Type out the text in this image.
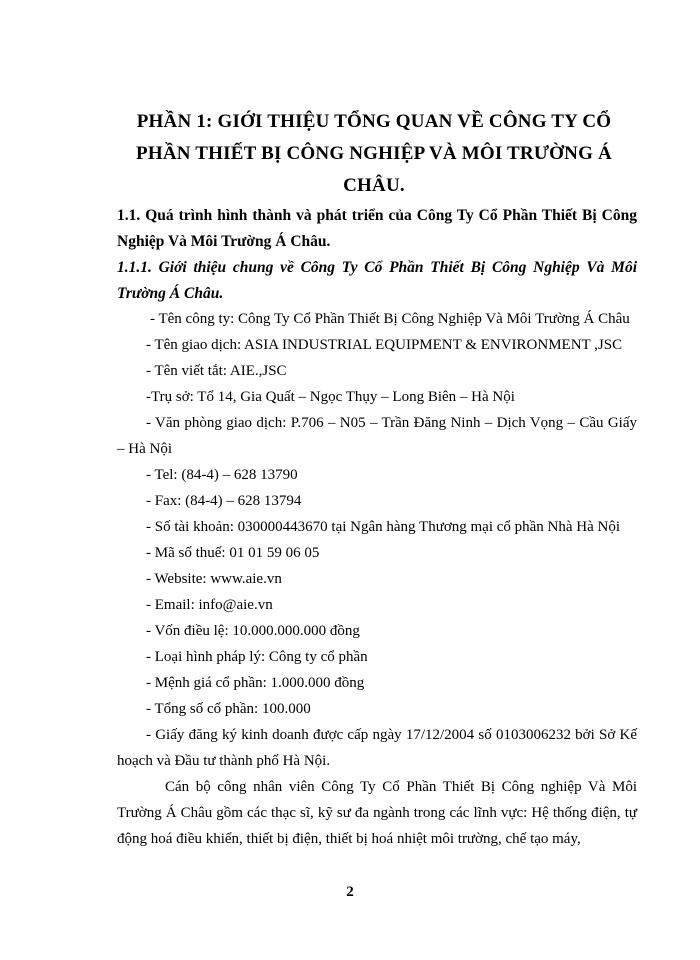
PHẦN 1: GIỚI THIỆU TỔNG QUAN VỀ CÔNG TY CỔ
PHẦN THIẾT BỊ CÔNG NGHIỆP VÀ MÔI TRƯỜNG Á
CHÂU.
1.1. Quá trình hình thành và phát triển của Công Ty Cổ Phần Thiết Bị Công Nghiệp Và Môi Trường Á Châu.
1.1.1. Giới thiệu chung về Công Ty Cổ Phần Thiết Bị Công Nghiệp Và Môi Trường Á Châu.
- Tên công ty: Công Ty Cổ Phần Thiết Bị Công Nghiệp Và Môi Trường Á Châu
- Tên giao dịch: ASIA INDUSTRIAL EQUIPMENT & ENVIRONMENT ,JSC
- Tên viết tắt: AIE.,JSC
-Trụ sở: Tổ 14, Gia Quất – Ngọc Thụy – Long Biên – Hà Nội
- Văn phòng giao dịch: P.706 – N05 – Trần Đăng Ninh – Dịch Vọng – Cầu Giấy – Hà Nội
- Tel: (84-4) – 628 13790
- Fax: (84-4) – 628 13794
- Số tài khoản: 030000443670 tại Ngân hàng Thương mại cổ phần Nhà Hà Nội
- Mã số thuế: 01 01 59 06 05
- Website: www.aie.vn
- Email: info@aie.vn
- Vốn điều lệ: 10.000.000.000 đồng
- Loại hình pháp lý: Công ty cổ phần
- Mệnh giá cổ phần: 1.000.000 đồng
- Tổng số cổ phần: 100.000
- Giấy đăng ký kinh doanh được cấp ngày 17/12/2004 số 0103006232 bởi Sở Kế hoạch và Đầu tư thành phố Hà Nội.
Cán bộ công nhân viên Công Ty Cổ Phần Thiết Bị Công nghiệp Và Môi Trường Á Châu gồm các thạc sĩ, kỹ sư đa ngành trong các lĩnh vực: Hệ thống điện, tự động hoá điều khiển, thiết bị điện, thiết bị hoá nhiệt môi trường, chế tạo máy,
2
